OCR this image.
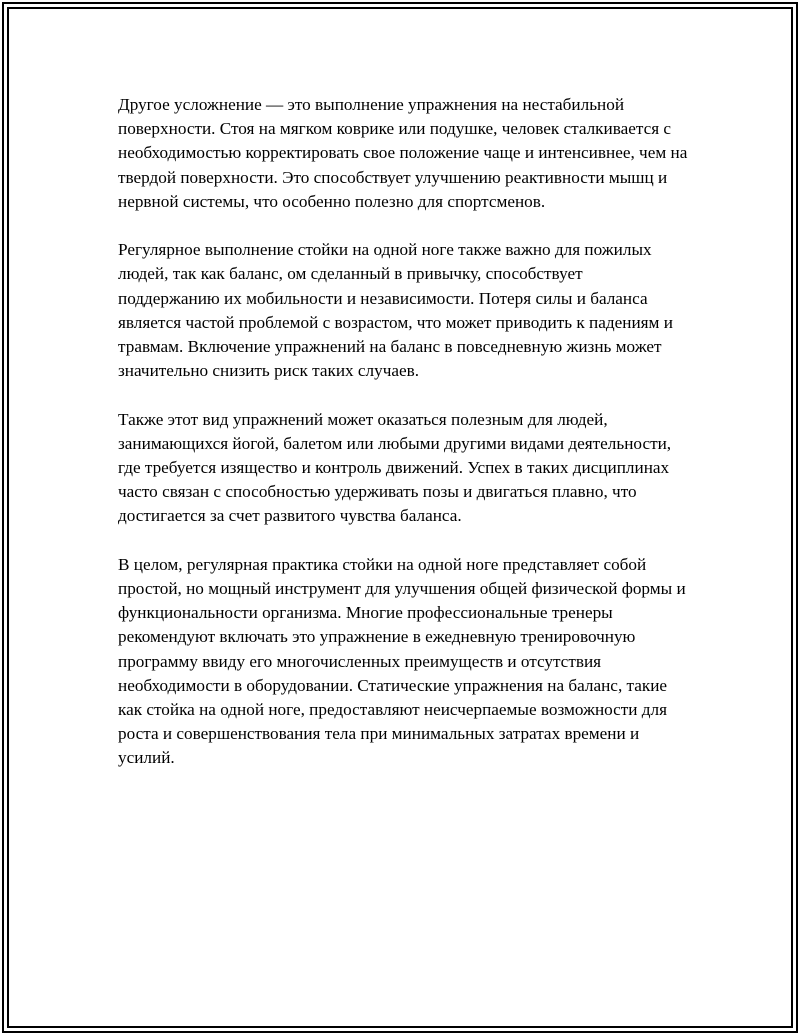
Другое усложнение — это выполнение упражнения на нестабильной поверхности. Стоя на мягком коврике или подушке, человек сталкивается с необходимостью корректировать свое положение чаще и интенсивнее, чем на твердой поверхности. Это способствует улучшению реактивности мышц и нервной системы, что особенно полезно для спортсменов.

Регулярное выполнение стойки на одной ноге также важно для пожилых людей, так как баланс, ом сделанный в привычку, способствует поддержанию их мобильности и независимости. Потеря силы и баланса является частой проблемой с возрастом, что может приводить к падениям и травмам. Включение упражнений на баланс в повседневную жизнь может значительно снизить риск таких случаев.

Также этот вид упражнений может оказаться полезным для людей, занимающихся йогой, балетом или любыми другими видами деятельности, где требуется изящество и контроль движений. Успех в таких дисциплинах часто связан с способностью удерживать позы и двигаться плавно, что достигается за счет развитого чувства баланса.

В целом, регулярная практика стойки на одной ноге представляет собой простой, но мощный инструмент для улучшения общей физической формы и функциональности организма. Многие профессиональные тренеры рекомендуют включать это упражнение в ежедневную тренировочную программу ввиду его многочисленных преимуществ и отсутствия необходимости в оборудовании. Статические упражнения на баланс, такие как стойка на одной ноге, предоставляют неисчерпаемые возможности для роста и совершенствования тела при минимальных затратах времени и усилий.
